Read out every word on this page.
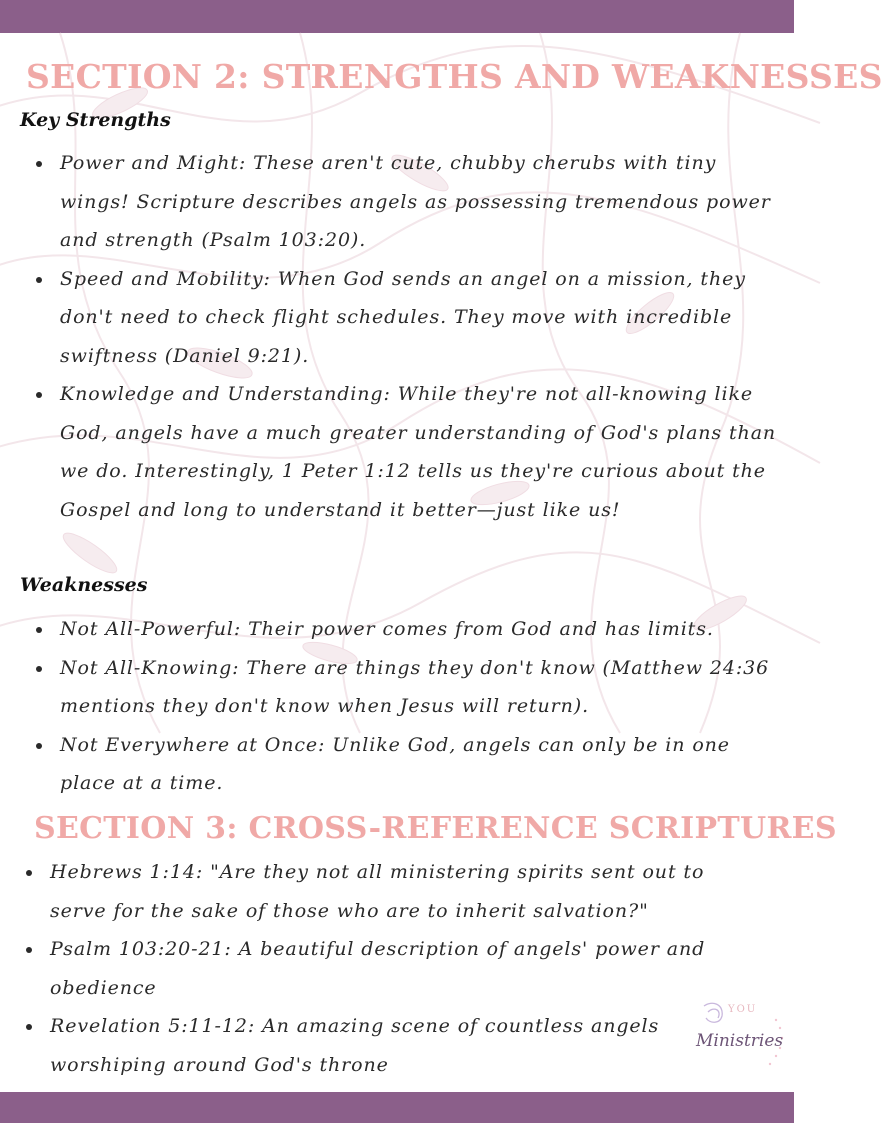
SECTION 2: STRENGTHS AND WEAKNESSES

Key Strengths

Power and Might: These aren't cute, chubby cherubs with tiny wings! Scripture describes angels as possessing tremendous power and strength (Psalm 103:20).
Speed and Mobility: When God sends an angel on a mission, they don't need to check flight schedules. They move with incredible swiftness (Daniel 9:21).
Knowledge and Understanding: While they're not all-knowing like God, angels have a much greater understanding of God's plans than we do. Interestingly, 1 Peter 1:12 tells us they're curious about the Gospel and long to understand it better—just like us!

Weaknesses

Not All-Powerful: Their power comes from God and has limits.
Not All-Knowing: There are things they don't know (Matthew 24:36 mentions they don't know when Jesus will return).
Not Everywhere at Once: Unlike God, angels can only be in one place at a time.
SECTION 3: CROSS-REFERENCE SCRIPTURES
Hebrews 1:14: "Are they not all ministering spirits sent out to serve for the sake of those who are to inherit salvation?"
Psalm 103:20-21: A beautiful description of angels' power and obedience
Revelation 5:11-12: An amazing scene of countless angels worshiping around God's throne
YOU
Ministries
